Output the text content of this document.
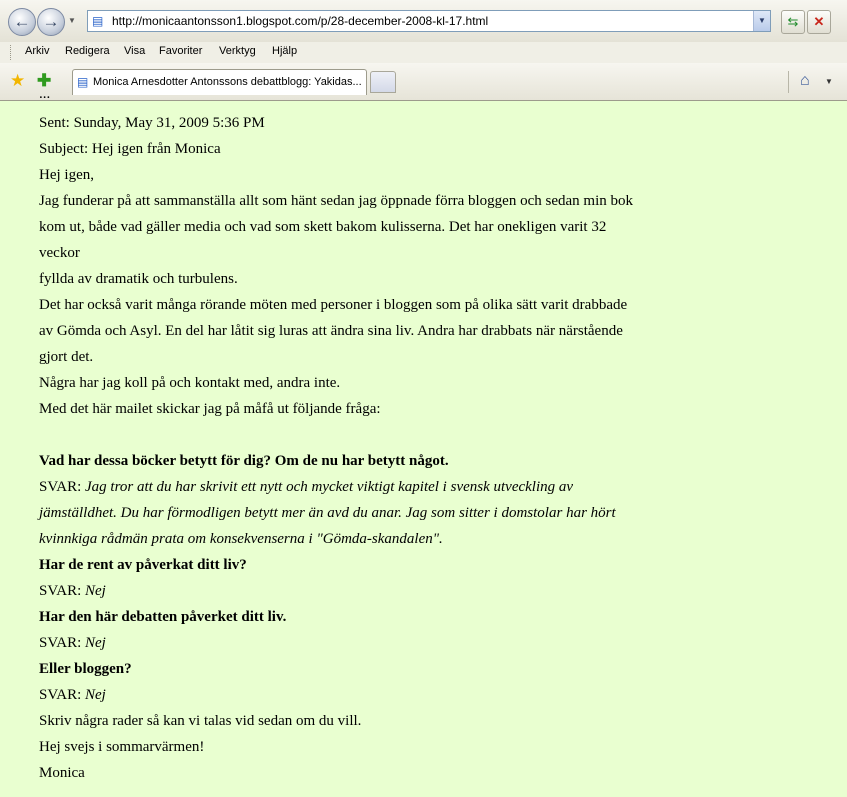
← →	▼ ▤ http://monicaantonsson1.blogspot.com/p/28-december-2008-kl-17.html	▼	⇆	✕
Arkiv Redigera Visa Favoriter Verktyg Hjälp
★ ✚ ▤ Monica Arnesdotter Antonssons debattblogg: Yakidas...	⌂ ▼
...
Sent: Sunday, May 31, 2009 5:36 PM
Subject: Hej igen från Monica
Hej igen,
Jag funderar på att sammanställa allt som hänt sedan jag öppnade förra bloggen och sedan min bok
kom ut, både vad gäller media och vad som skett bakom kulisserna. Det har onekligen varit 32
veckor
fyllda av dramatik och turbulens.
Det har också varit många rörande möten med personer i bloggen som på olika sätt varit drabbade
av Gömda och Asyl. En del har låtit sig luras att ändra sina liv. Andra har drabbats när närstående
gjort det.
Några har jag koll på och kontakt med, andra inte.
Med det här mailet skickar jag på måfå ut följande fråga:
Vad har dessa böcker betytt för dig? Om de nu har betytt något.
SVAR: Jag tror att du har skrivit ett nytt och mycket viktigt kapitel i svensk utveckling av
jämställdhet. Du har förmodligen betytt mer än avd du anar. Jag som sitter i domstolar har hört
kvinnkiga rådmän prata om konsekvenserna i "Gömda-skandalen".
Har de rent av påverkat ditt liv?
SVAR: Nej
Har den här debatten påverket ditt liv.
SVAR: Nej
Eller bloggen?
SVAR: Nej
Skriv några rader så kan vi talas vid sedan om du vill.
Hej svejs i sommarvärmen!
Monica
